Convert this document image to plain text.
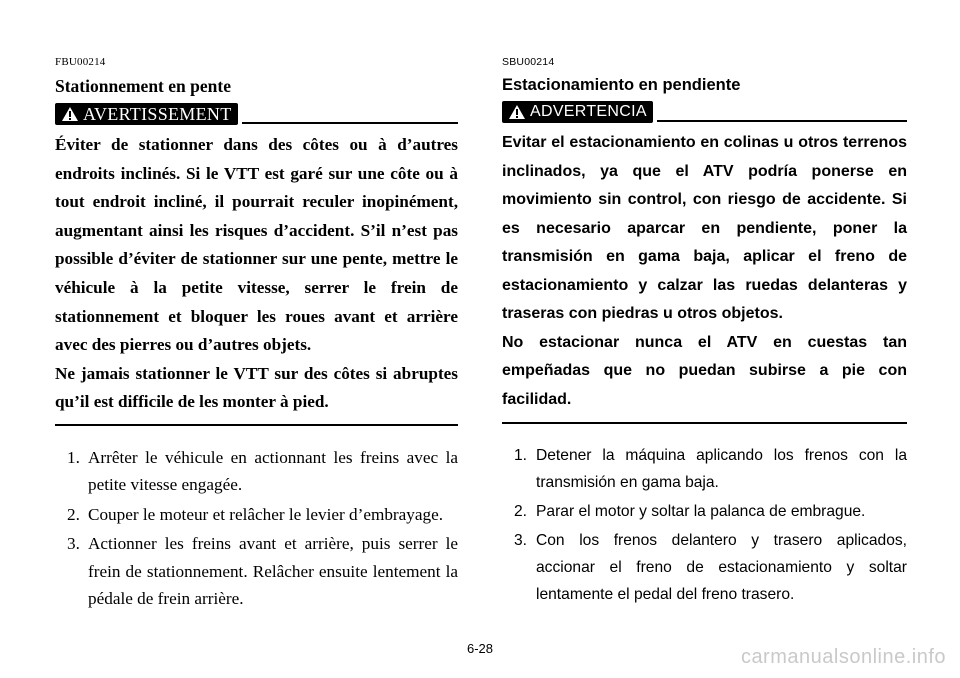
FBU00214
Stationnement en pente
AVERTISSEMENT

Éviter de stationner dans des côtes ou à d’autres endroits inclinés. Si le VTT est garé sur une côte ou à tout endroit incliné, il pourrait reculer inopinément, augmentant ainsi les risques d’accident. S’il n’est pas possible d’éviter de stationner sur une pente, mettre le véhicule à la petite vitesse, serrer le frein de stationnement et bloquer les roues avant et arrière avec des pierres ou d’autres objets.

Ne jamais stationner le VTT sur des côtes si abruptes qu’il est difficile de les monter à pied.

1. Arrêter le véhicule en actionnant les freins avec la petite vitesse engagée.
2. Couper le moteur et relâcher le levier d’embrayage.
3. Actionner les freins avant et arrière, puis serrer le frein de stationnement. Relâcher ensuite lentement la pédale de frein arrière.
SBU00214
Estacionamiento en pendiente
ADVERTENCIA

Evitar el estacionamiento en colinas u otros terrenos inclinados, ya que el ATV podría ponerse en movimiento sin control, con riesgo de accidente. Si es necesario aparcar en pendiente, poner la transmisión en gama baja, aplicar el freno de estacionamiento y calzar las ruedas delanteras y traseras con piedras u otros objetos.

No estacionar nunca el ATV en cuestas tan empeñadas que no puedan subirse a pie con facilidad.

1. Detener la máquina aplicando los frenos con la transmisión en gama baja.
2. Parar el motor y soltar la palanca de embrague.
3. Con los frenos delantero y trasero aplicados, accionar el freno de estacionamiento y soltar lentamente el pedal del freno trasero.
6-28	carmanualsonline.info
